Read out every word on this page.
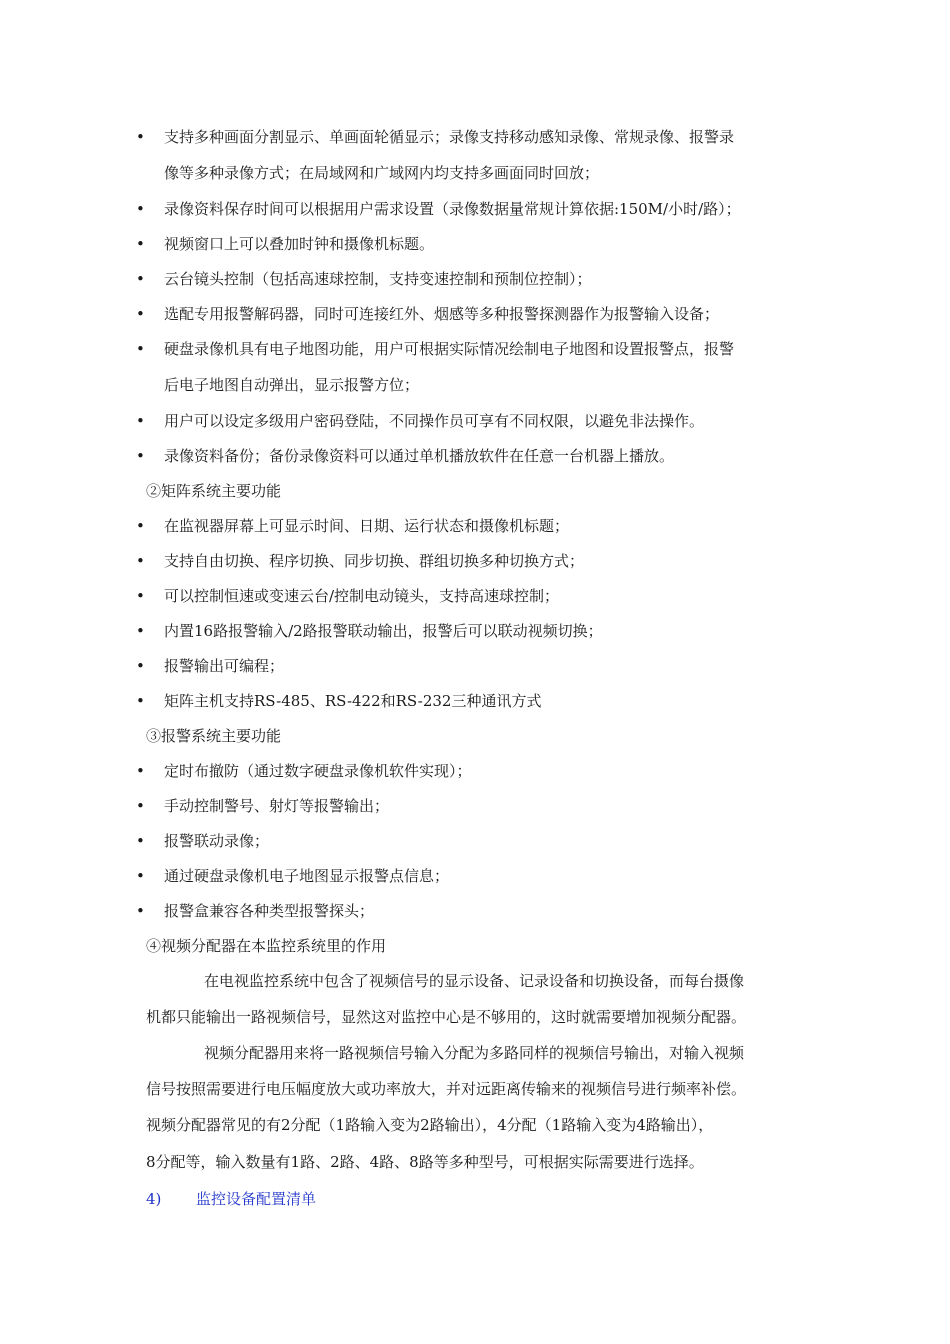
• 支持多种画面分割显示、单画面轮循显示；录像支持移动感知录像、常规录像、报警录
像等多种录像方式；在局域网和广域网内均支持多画面同时回放；
• 录像资料保存时间可以根据用户需求设置（录像数据量常规计算依据:150M/小时/路）；
• 视频窗口上可以叠加时钟和摄像机标题。
• 云台镜头控制（包括高速球控制，支持变速控制和预制位控制）；
• 选配专用报警解码器，同时可连接红外、烟感等多种报警探测器作为报警输入设备；
• 硬盘录像机具有电子地图功能，用户可根据实际情况绘制电子地图和设置报警点，报警
后电子地图自动弹出，显示报警方位；
• 用户可以设定多级用户密码登陆，不同操作员可享有不同权限，以避免非法操作。
• 录像资料备份；备份录像资料可以通过单机播放软件在任意一台机器上播放。
②矩阵系统主要功能
• 在监视器屏幕上可显示时间、日期、运行状态和摄像机标题；
• 支持自由切换、程序切换、同步切换、群组切换多种切换方式；
• 可以控制恒速或变速云台/控制电动镜头，支持高速球控制；
• 内置16路报警输入/2路报警联动输出，报警后可以联动视频切换；
• 报警输出可编程；
• 矩阵主机支持RS-485、RS-422和RS-232三种通讯方式
③报警系统主要功能
• 定时布撤防（通过数字硬盘录像机软件实现）；
• 手动控制警号、射灯等报警输出；
• 报警联动录像；
• 通过硬盘录像机电子地图显示报警点信息；
• 报警盒兼容各种类型报警探头；
④视频分配器在本监控系统里的作用
在电视监控系统中包含了视频信号的显示设备、记录设备和切换设备，而每台摄像
机都只能输出一路视频信号，显然这对监控中心是不够用的，这时就需要增加视频分配器。
视频分配器用来将一路视频信号输入分配为多路同样的视频信号输出，对输入视频
信号按照需要进行电压幅度放大或功率放大，并对远距离传输来的视频信号进行频率补偿。
视频分配器常见的有2分配（1路输入变为2路输出），4分配（1路输入变为4路输出），
8分配等，输入数量有1路、2路、4路、8路等多种型号，可根据实际需要进行选择。
4) 监控设备配置清单
